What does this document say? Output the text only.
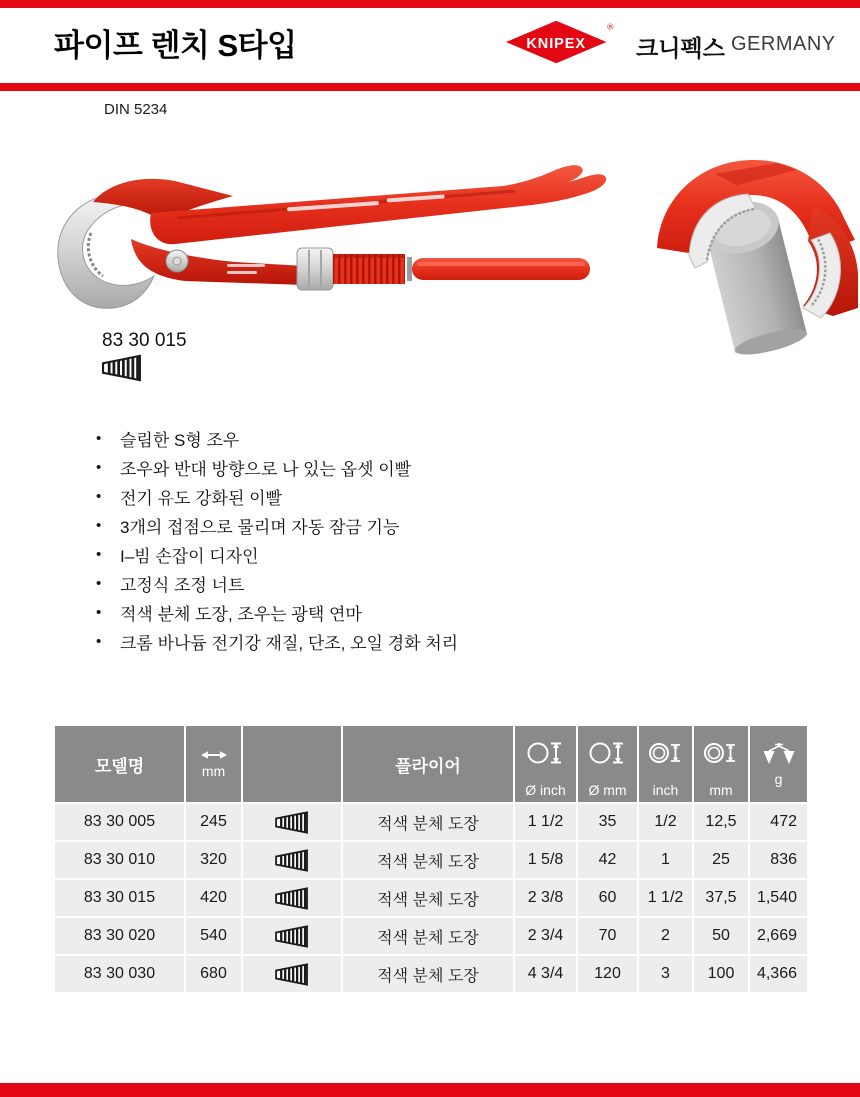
파이프 렌치 S타입	KNIPEX
®
크니펙스 GERMANY
DIN 5234
83 30 015
•	슬림한 S형 조우
•	조우와 반대 방향으로 나 있는 옵셋 이빨
•	전기 유도 강화된 이빨
•	3개의 접점으로 물리며 자동 잠금 기능
•	I–빔 손잡이 디자인
•	고정식 조정 너트
•	적색 분체 도장, 조우는 광택 연마
•	크롬 바나듐 전기강 재질, 단조, 오일 경화 처리
모델명	mm		플라이어	Ø inch	Ø mm	inch	mm	g

83 30 005	245		적색 분체 도장	1 1/2	35	1/2	12,5	472
83 30 010	320		적색 분체 도장	1 5/8	42	1	25	836
83 30 015	420		적색 분체 도장	2 3/8	60	1 1/2	37,5	1,540
83 30 020	540		적색 분체 도장	2 3/4	70	2	50	2,669
83 30 030	680		적색 분체 도장	4 3/4	120	3	100	4,366
